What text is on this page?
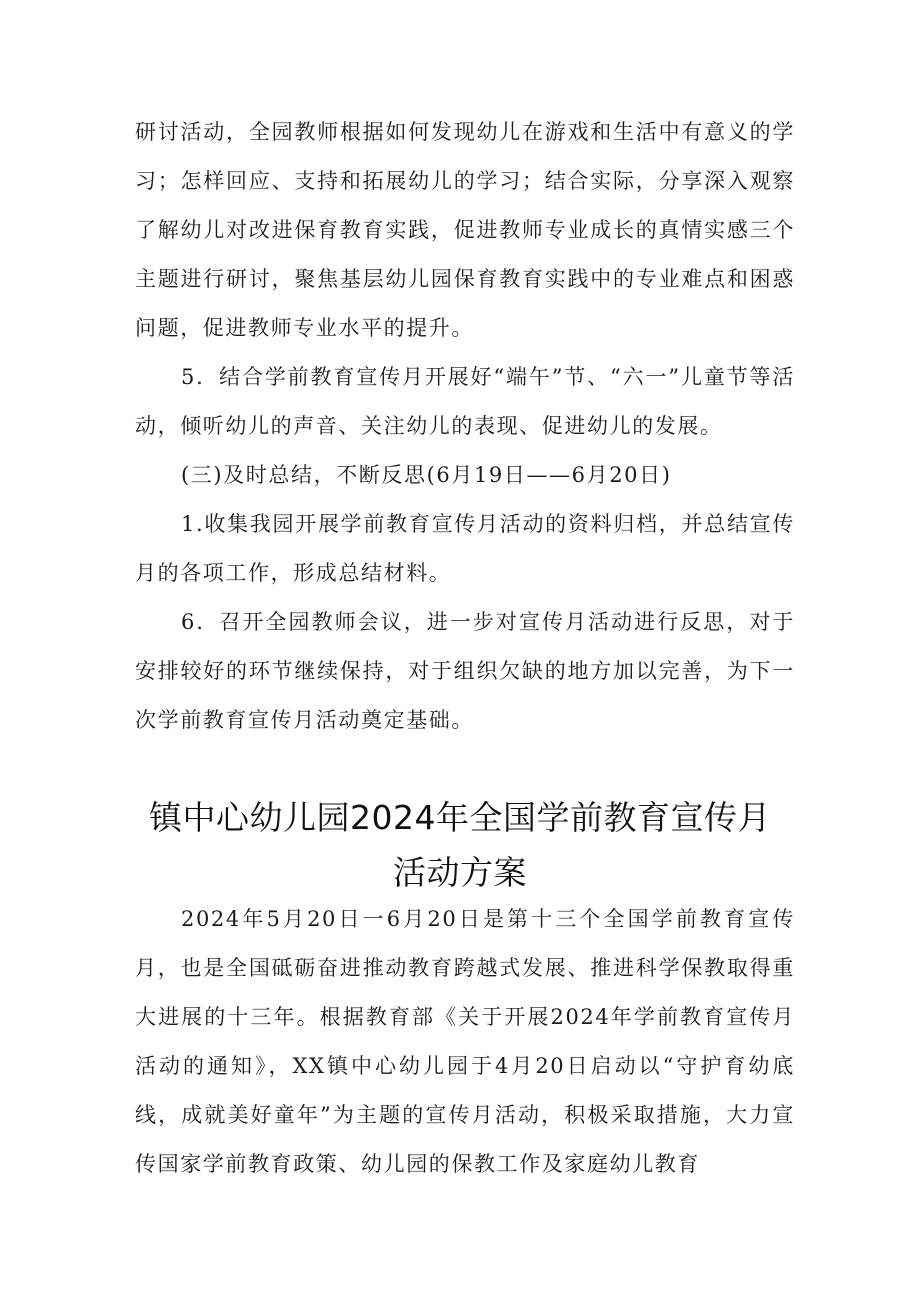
研讨活动，全园教师根据如何发现幼儿在游戏和生活中有意义的学习；怎样回应、支持和拓展幼儿的学习；结合实际，分享深入观察了解幼儿对改进保育教育实践，促进教师专业成长的真情实感三个主题进行研讨，聚焦基层幼儿园保育教育实践中的专业难点和困惑问题，促进教师专业水平的提升。

5．结合学前教育宣传月开展好“端午”节、“六一”儿童节等活动，倾听幼儿的声音、关注幼儿的表现、促进幼儿的发展。

(三)及时总结，不断反思(6月19日——6月20日)

1.收集我园开展学前教育宣传月活动的资料归档，并总结宣传月的各项工作，形成总结材料。

6．召开全园教师会议，进一步对宣传月活动进行反思，对于安排较好的环节继续保持，对于组织欠缺的地方加以完善，为下一次学前教育宣传月活动奠定基础。

镇中心幼儿园2024年全国学前教育宣传月
活动方案

2024年5月20日一6月20日是第十三个全国学前教育宣传月，也是全国砥砺奋进推动教育跨越式发展、推进科学保教取得重大进展的十三年。根据教育部《关于开展2024年学前教育宣传月活动的通知》，XX镇中心幼儿园于4月20日启动以“守护育幼底线，成就美好童年”为主题的宣传月活动，积极采取措施，大力宣传国家学前教育政策、幼儿园的保教工作及家庭幼儿教育
